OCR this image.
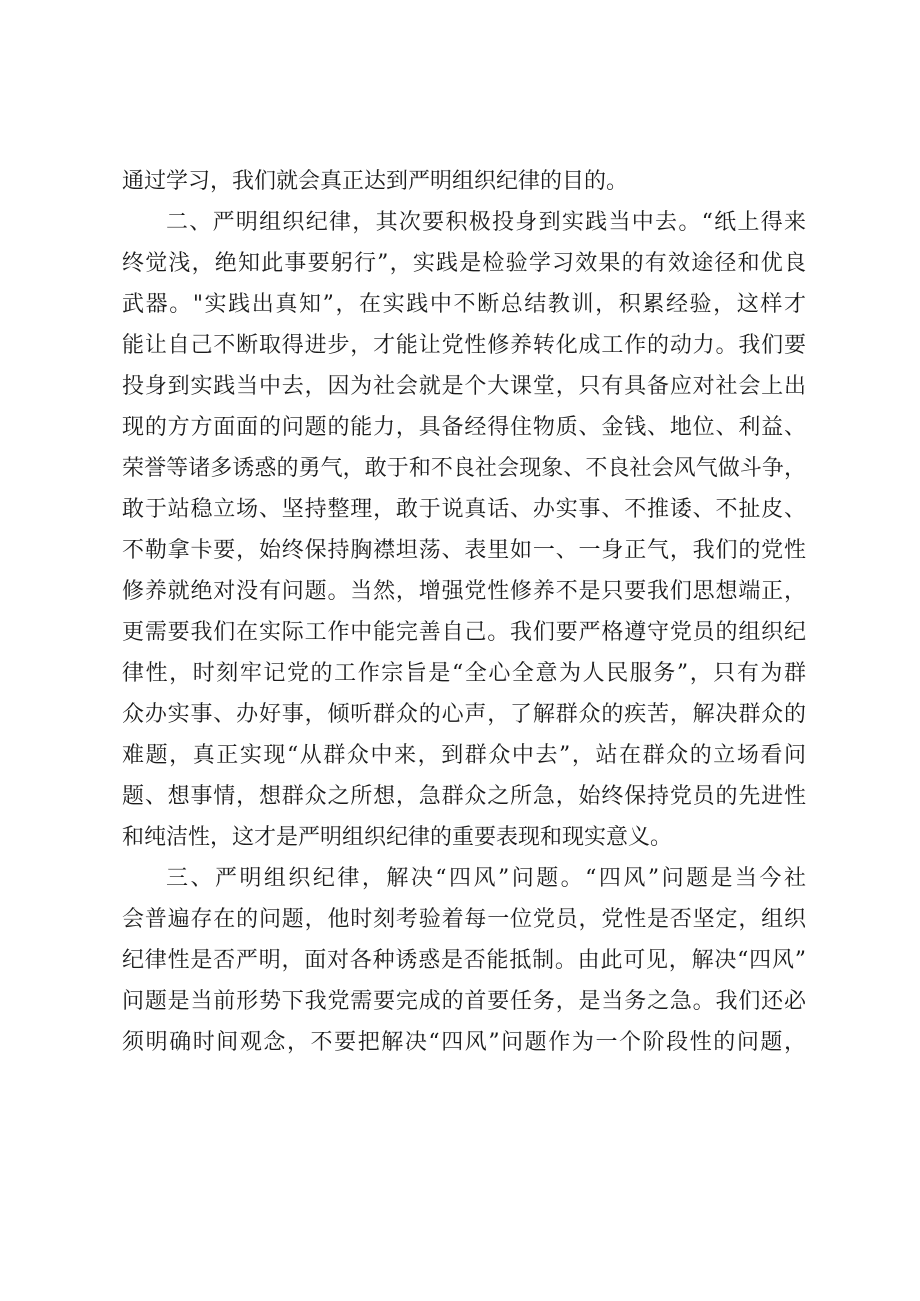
通过学习，我们就会真正达到严明组织纪律的目的。
二、严明组织纪律，其次要积极投身到实践当中去。“纸上得来
终觉浅，绝知此事要躬行”，实践是检验学习效果的有效途径和优良
武器。"实践出真知”，在实践中不断总结教训，积累经验，这样才
能让自己不断取得进步，才能让党性修养转化成工作的动力。我们要
投身到实践当中去，因为社会就是个大课堂，只有具备应对社会上出
现的方方面面的问题的能力，具备经得住物质、金钱、地位、利益、
荣誉等诸多诱惑的勇气，敢于和不良社会现象、不良社会风气做斗争，
敢于站稳立场、坚持整理，敢于说真话、办实事、不推诿、不扯皮、
不勒拿卡要，始终保持胸襟坦荡、表里如一、一身正气，我们的党性
修养就绝对没有问题。当然，增强党性修养不是只要我们思想端正，
更需要我们在实际工作中能完善自己。我们要严格遵守党员的组织纪
律性，时刻牢记党的工作宗旨是“全心全意为人民服务”，只有为群
众办实事、办好事，倾听群众的心声，了解群众的疾苦，解决群众的
难题，真正实现“从群众中来，到群众中去”，站在群众的立场看问
题、想事情，想群众之所想，急群众之所急，始终保持党员的先进性
和纯洁性，这才是严明组织纪律的重要表现和现实意义。
三、严明组织纪律，解决“四风”问题。“四风”问题是当今社
会普遍存在的问题，他时刻考验着每一位党员，党性是否坚定，组织
纪律性是否严明，面对各种诱惑是否能抵制。由此可见，解决“四风”
问题是当前形势下我党需要完成的首要任务，是当务之急。我们还必
须明确时间观念，不要把解决“四风”问题作为一个阶段性的问题，
